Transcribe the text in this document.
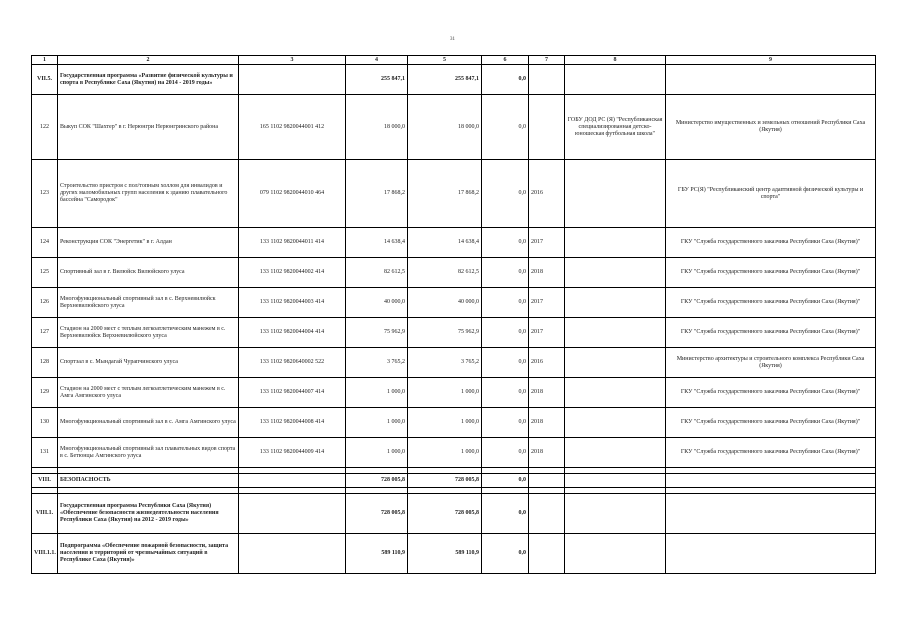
31
1	2	3	4	5	6	7	8	9
VII.5.	Государственная программа «Развитие физической культуры и спорта в Республике Саха (Якутия) на 2014 - 2019 годы»		255 847,1	255 847,1	0,0			
122	Выкуп СОК "Шахтер" в г. Нерюнгри Нерюнгринского района	165 1102 9820044001 412	18 000,0	18 000,0	0,0		ГОБУ ДОД РС (Я) "Республиканская специализированная детско-юношеская футбольная школа"	Министерство имущественных и земельных отношений Республики Саха (Якутия)
123	Строительство пристроя с пол/топным холлом для инвалидов и других маломобильных групп населения к зданию плавательного бассейна "Самородок"	079 1102 9820044010 464	17 868,2	17 868,2	0,0	2016		ГБУ РС(Я) "Республиканский центр адаптивной физической культуры и спорта"
124	Реконструкция СОК "Энергетик" в г. Алдан	133 1102 9820044011 414	14 638,4	14 638,4	0,0	2017		ГКУ "Служба государственного заказчика Республики Саха (Якутия)"
125	Спортивный зал в г. Вилюйск Вилюйского улуса	133 1102 9820044002 414	82 612,5	82 612,5	0,0	2018		ГКУ "Служба государственного заказчика Республики Саха (Якутия)"
126	Многофункциональный спортивный зал в с. Верхневилюйск Верхневилюйского улуса	133 1102 9820044003 414	40 000,0	40 000,0	0,0	2017		ГКУ "Служба государственного заказчика Республики Саха (Якутия)"
127	Стадион на 2000 мест с теплым легкоатлетическим манежем в с. Верхневилюйск Верхневилюйского улуса	133 1102 9820044004 414	75 962,9	75 962,9	0,0	2017		ГКУ "Служба государственного заказчика Республики Саха (Якутия)"
128	Спортзал в с. Мындагай Чурапчинского улуса	133 1102 9820640002 522	3 765,2	3 765,2	0,0	2016		Министерство архитектуры и строительного комплекса Республики Саха (Якутия)
129	Стадион на 2000 мест с теплым легкоатлетическим манежем в с. Амга Амгинского улуса	133 1102 9820044007 414	1 000,0	1 000,0	0,0	2018		ГКУ "Служба государственного заказчика Республики Саха (Якутия)"
130	Многофункциональный спортивный зал в с. Амга Амгинского улуса	133 1102 9820044008 414	1 000,0	1 000,0	0,0	2018		ГКУ "Служба государственного заказчика Республики Саха (Якутия)"
131	Многофункциональный спортивный зал плавательных видов спорта в с. Бетюнцы Амгинского улуса	133 1102 9820044009 414	1 000,0	1 000,0	0,0	2018		ГКУ "Служба государственного заказчика Республики Саха (Якутия)"

VIII.	БЕЗОПАСНОСТЬ		728 005,8	728 005,8	0,0			

VIII.1.	Государственная программа Республики Саха (Якутия) «Обеспечение безопасности жизнедеятельности населения Республики Саха (Якутия) на 2012 - 2019 годы»		728 005,8	728 005,8	0,0			
VIII.1.1.	Подпрограмма «Обеспечение пожарной безопасности, защита населения и территорий от чрезвычайных ситуаций в Республике Саха (Якутия)»		589 110,9	589 110,9	0,0			
